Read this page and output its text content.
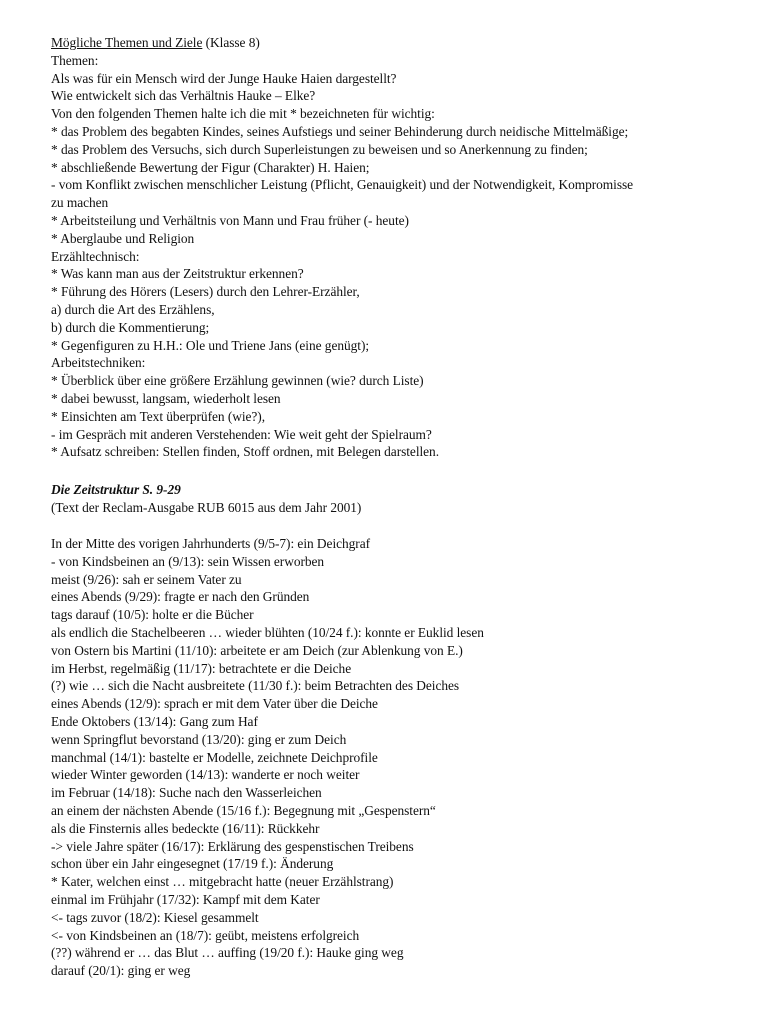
Mögliche Themen und Ziele (Klasse 8)
Themen:
Als was für ein Mensch wird der Junge Hauke Haien dargestellt?
Wie entwickelt sich das Verhältnis Hauke – Elke?
Von den folgenden Themen halte ich die mit * bezeichneten für wichtig:
* das Problem des begabten Kindes, seines Aufstiegs und seiner Behinderung durch neidische Mittelmäßige;
* das Problem des Versuchs, sich durch Superleistungen zu beweisen und so Anerkennung zu finden;
* abschließende Bewertung der Figur (Charakter) H. Haien;
- vom Konflikt zwischen menschlicher Leistung (Pflicht, Genauigkeit) und der Notwendigkeit, Kompromisse
zu machen
* Arbeitsteilung und Verhältnis von Mann und Frau früher (- heute)
* Aberglaube und Religion
Erzähltechnisch:
* Was kann man aus der Zeitstruktur erkennen?
* Führung des Hörers (Lesers) durch den Lehrer-Erzähler,
a) durch die Art des Erzählens,
b) durch die Kommentierung;
* Gegenfiguren zu H.H.: Ole und Triene Jans (eine genügt);
Arbeitstechniken:
* Überblick über eine größere Erzählung gewinnen (wie? durch Liste)
* dabei bewusst, langsam, wiederholt lesen
* Einsichten am Text überprüfen (wie?),
- im Gespräch mit anderen Verstehenden: Wie weit geht der Spielraum?
* Aufsatz schreiben: Stellen finden, Stoff ordnen, mit Belegen darstellen.
Die Zeitstruktur S. 9-29
(Text der Reclam-Ausgabe RUB 6015 aus dem Jahr 2001)
In der Mitte des vorigen Jahrhunderts (9/5-7): ein Deichgraf
- von Kindsbeinen an (9/13): sein Wissen erworben
meist (9/26): sah er seinem Vater zu
eines Abends (9/29): fragte er nach den Gründen
tags darauf (10/5): holte er die Bücher
als endlich die Stachelbeeren … wieder blühten (10/24 f.): konnte er Euklid lesen
von Ostern bis Martini (11/10): arbeitete er am Deich (zur Ablenkung von E.)
im Herbst, regelmäßig (11/17): betrachtete er die Deiche
(?) wie … sich die Nacht ausbreitete (11/30 f.): beim Betrachten des Deiches
eines Abends (12/9): sprach er mit dem Vater über die Deiche
Ende Oktobers (13/14): Gang zum Haf
wenn Springflut bevorstand (13/20): ging er zum Deich
manchmal (14/1): bastelte er Modelle, zeichnete Deichprofile
wieder Winter geworden (14/13): wanderte er noch weiter
im Februar (14/18): Suche nach den Wasserleichen
an einem der nächsten Abende (15/16 f.): Begegnung mit „Gespenstern“
als die Finsternis alles bedeckte (16/11): Rückkehr
-> viele Jahre später (16/17): Erklärung des gespenstischen Treibens
schon über ein Jahr eingesegnet (17/19 f.): Änderung
* Kater, welchen einst … mitgebracht hatte (neuer Erzählstrang)
einmal im Frühjahr (17/32): Kampf mit dem Kater
<- tags zuvor (18/2): Kiesel gesammelt
<- von Kindsbeinen an (18/7): geübt, meistens erfolgreich
(??) während er … das Blut … auffing (19/20 f.): Hauke ging weg
darauf (20/1): ging er weg
